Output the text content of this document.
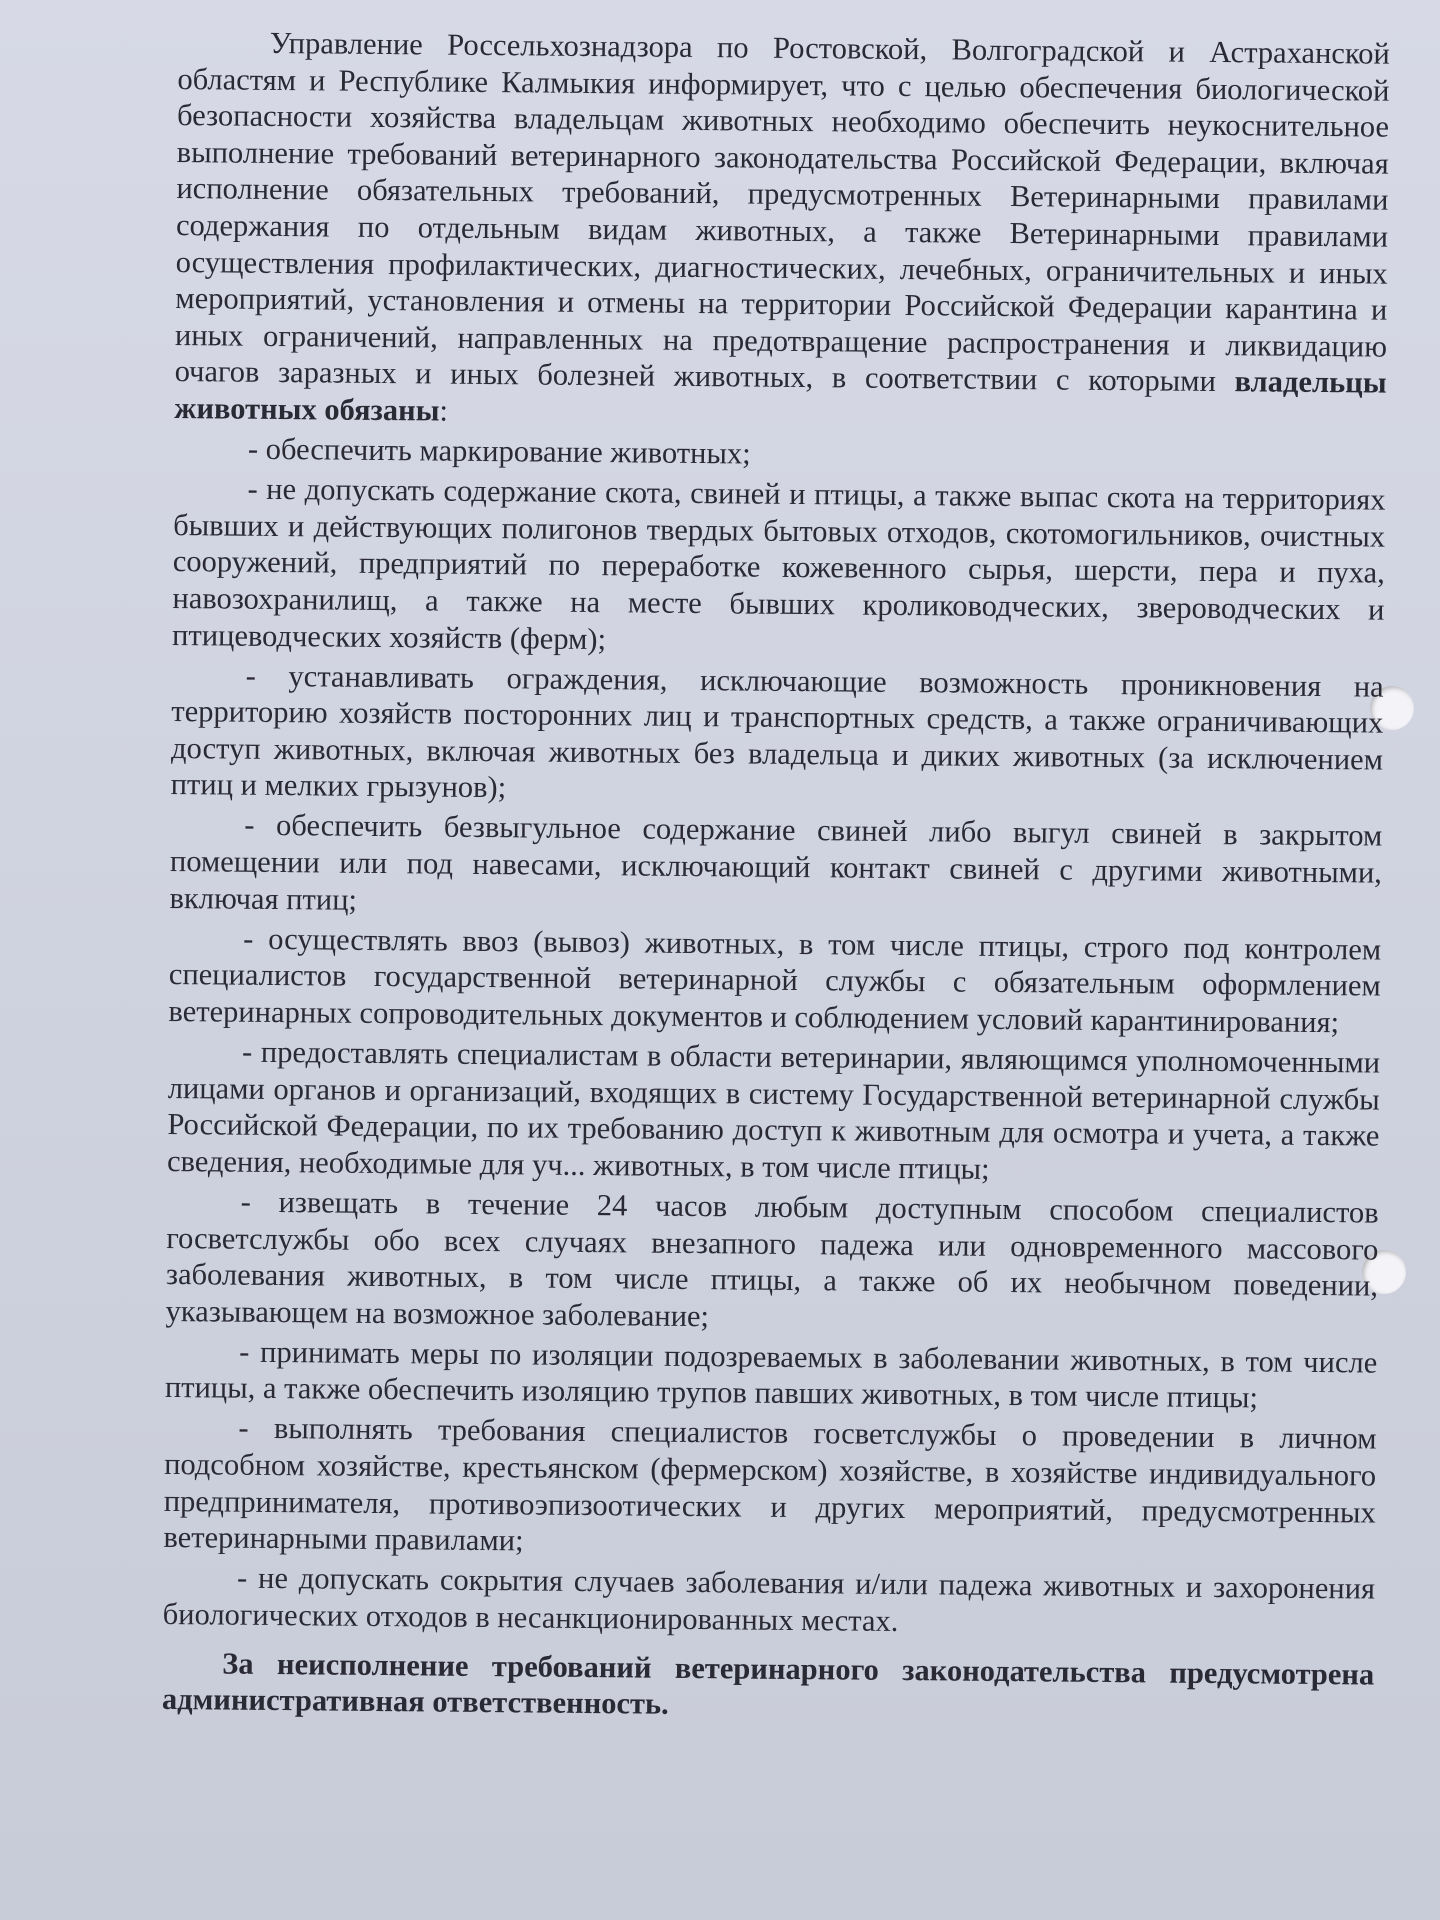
Управление Россельхознадзора по Ростовской, Волгоградской и Астраханской областям и Республике Калмыкия информирует, что с целью обеспечения биологической безопасности хозяйства владельцам животных необходимо обеспечить неукоснительное выполнение требований ветеринарного законодательства Российской Федерации, включая исполнение обязательных требований, предусмотренных Ветеринарными правилами содержания по отдельным видам животных, а также Ветеринарными правилами осуществления профилактических, диагностических, лечебных, ограничительных и иных мероприятий, установления и отмены на территории Российской Федерации карантина и иных ограничений, направленных на предотвращение распространения и ликвидацию очагов заразных и иных болезней животных, в соответствии с которыми владельцы животных обязаны:

- обеспечить маркирование животных;

- не допускать содержание скота, свиней и птицы, а также выпас скота на территориях бывших и действующих полигонов твердых бытовых отходов, скотомогильников, очистных сооружений, предприятий по переработке кожевенного сырья, шерсти, пера и пуха, навозохранилищ, а также на месте бывших кролиководческих, звероводческих и птицеводческих хозяйств (ферм);

- устанавливать ограждения, исключающие возможность проникновения на территорию хозяйств посторонних лиц и транспортных средств, а также ограничивающих доступ животных, включая животных без владельца и диких животных (за исключением птиц и мелких грызунов);

- обеспечить безвыгульное содержание свиней либо выгул свиней в закрытом помещении или под навесами, исключающий контакт свиней с другими животными, включая птиц;

- осуществлять ввоз (вывоз) животных, в том числе птицы, строго под контролем специалистов государственной ветеринарной службы с обязательным оформлением ветеринарных сопроводительных документов и соблюдением условий карантинирования;

- предоставлять специалистам в области ветеринарии, являющимся уполномоченными лицами органов и организаций, входящих в систему Государственной ветеринарной службы Российской Федерации, по их требованию доступ к животным для осмотра и учета, а также сведения, необходимые для уч... животных, в том числе птицы;

- извещать в течение 24 часов любым доступным способом специалистов госветслужбы обо всех случаях внезапного падежа или одновременного массового заболевания животных, в том числе птицы, а также об их необычном поведении, указывающем на возможное заболевание;

- принимать меры по изоляции подозреваемых в заболевании животных, в том числе птицы, а также обеспечить изоляцию трупов павших животных, в том числе птицы;

- выполнять требования специалистов госветслужбы о проведении в личном подсобном хозяйстве, крестьянском (фермерском) хозяйстве, в хозяйстве индивидуального предпринимателя, противоэпизоотических и других мероприятий, предусмотренных ветеринарными правилами;

- не допускать сокрытия случаев заболевания и/или падежа животных и захоронения биологических отходов в несанкционированных местах.

За неисполнение требований ветеринарного законодательства предусмотрена административная ответственность.
